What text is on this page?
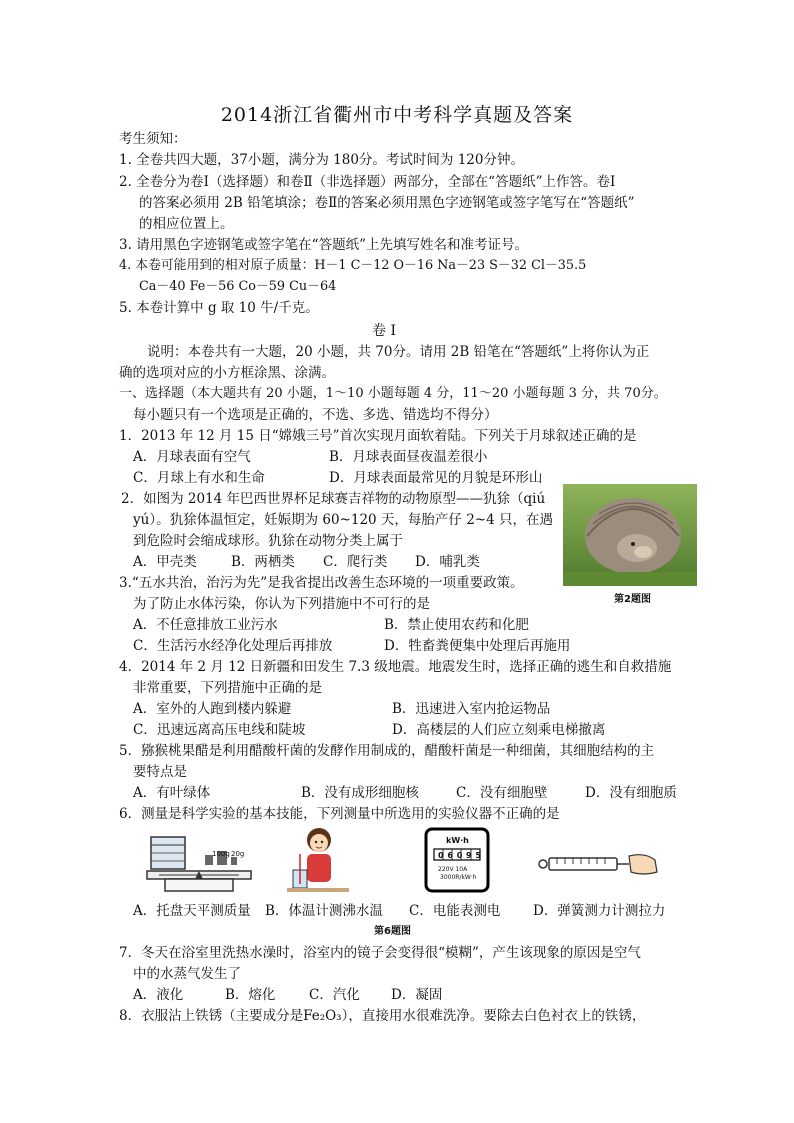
2014浙江省衢州市中考科学真题及答案
考生须知：
1. 全卷共四大题，37小题，满分为 180分。考试时间为 120分钟。
2. 全卷分为卷Ⅰ（选择题）和卷Ⅱ（非选择题）两部分，全部在“答题纸”上作答。卷Ⅰ
的答案必须用 2B 铅笔填涂；卷Ⅱ的答案必须用黑色字迹钢笔或签字笔写在“答题纸”
的相应位置上。
3. 请用黑色字迹钢笔或签字笔在“答题纸”上先填写姓名和准考证号。
4. 本卷可能用到的相对原子质量：H－1 C－12 O－16 Na－23 S－32 Cl－35.5
Ca－40 Fe－56 Co－59 Cu－64
5. 本卷计算中 g 取 10 牛/千克。
卷 Ⅰ
说明：本卷共有一大题，20 小题，共 70分。请用 2B 铅笔在“答题纸”上将你认为正
确的选项对应的小方框涂黑、涂满。
一、选择题（本大题共有 20 小题，1～10 小题每题 4 分，11～20 小题每题 3 分，共 70分。
每小题只有一个选项是正确的，不选、多选、错选均不得分）
1．2013 年 12 月 15 日“嫦娥三号”首次实现月面软着陆。下列关于月球叙述正确的是
A．月球表面有空气	B．月球表面昼夜温差很小
C．月球上有水和生命	D．月球表面最常见的月貌是环形山
2．如图为 2014 年巴西世界杯足球赛吉祥物的动物原型——犰狳（qiú
yú）。犰狳体温恒定，妊娠期为 60~120 天，每胎产仔 2~4 只，在遇
到危险时会缩成球形。犰狳在动物分类上属于
A．甲壳类	B．两栖类 C．爬行类 D．哺乳类
第2题图
3.“五水共治，治污为先”是我省提出改善生态环境的一项重要政策。
为了防止水体污染，你认为下列措施中不可行的是
A．不任意排放工业污水	B．禁止使用农药和化肥
C．生活污水经净化处理后再排放	D．牲畜粪便集中处理后再施用
4．2014 年 2 月 12 日新疆和田发生 7.3 级地震。地震发生时，选择正确的逃生和自救措施
非常重要，下列措施中正确的是
A．室外的人跑到楼内躲避	B．迅速进入室内抢运物品
C．迅速远离高压电线和陡坡	D．高楼层的人们应立刻乘电梯撤离
5．猕猴桃果醋是利用醋酸杆菌的发酵作用制成的，醋酸杆菌是一种细菌，其细胞结构的主
要特点是
A．有叶绿体	B．没有成形细胞核	C．没有细胞壁	D．没有细胞质
6．测量是科学实验的基本技能，下列测量中所选用的实验仪器不正确的是
100g 20g
kW·h
0 6 0 9 5
220V 10A
3000R/kW·h
A．托盘天平测质量 B．体温计测沸水温 C．电能表测电 D．弹簧测力计测拉力
第6题图
7．冬天在浴室里洗热水澡时，浴室内的镜子会变得很“模糊”，产生该现象的原因是空气
中的水蒸气发生了
A．液化	B．熔化 C．汽化 D．凝固
8．衣服沾上铁锈（主要成分是Fe₂O₃），直接用水很难洗净。要除去白色衬衣上的铁锈，
